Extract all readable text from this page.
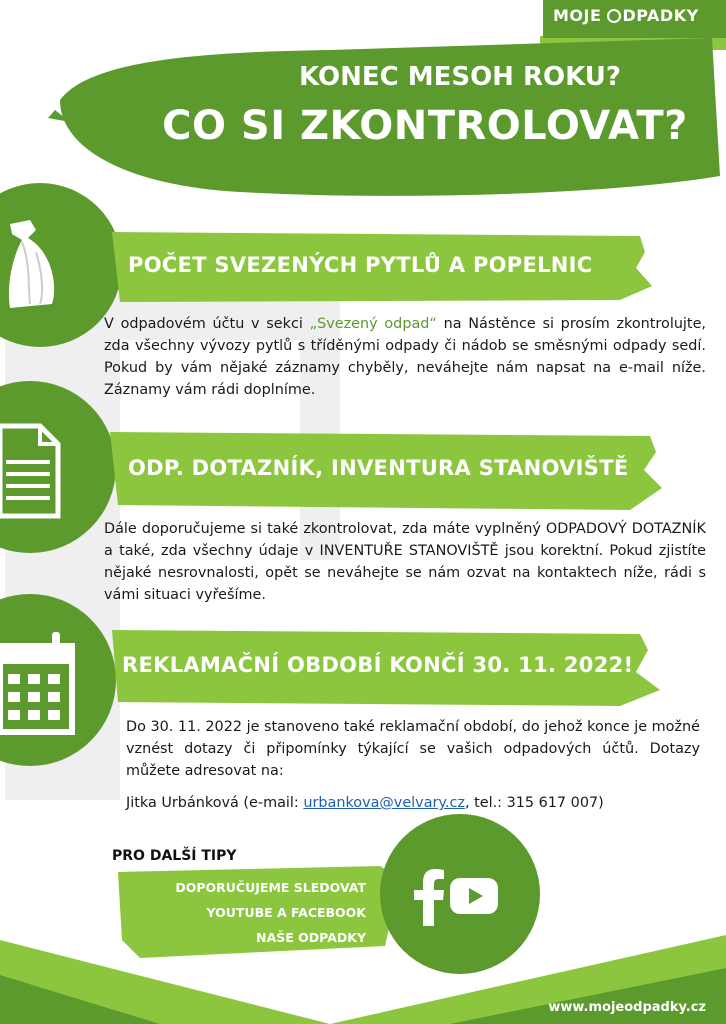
MOJE DPADKY
KONEC MESOH ROKU?
CO SI ZKONTROLOVAT?
POČET SVEZENÝCH PYTLŮ A POPELNIC
V odpadovém účtu v sekci „Svezený odpad“ na Nástěnce si prosím zkontrolujte, zda všechny vývozy pytlů s tříděnými odpady či nádob se směsnými odpady sedí. Pokud by vám nějaké záznamy chyběly, neváhejte nám napsat na e-mail níže. Záznamy vám rádi doplníme.
ODP. DOTAZNÍK, INVENTURA STANOVIŠTĚ
Dále doporučujeme si také zkontrolovat, zda máte vyplněný ODPADOVÝ DOTAZNÍK a také, zda všechny údaje v INVENTUŘE STANOVIŠTĚ jsou korektní. Pokud zjistíte nějaké nesrovnalosti, opět se neváhejte se nám ozvat na kontaktech níže, rádi s vámi situaci vyřešíme.
REKLAMAČNÍ OBDOBÍ KONČÍ 30. 11. 2022!
Do 30. 11. 2022 je stanoveno také reklamační období, do jehož konce je možné vznést dotazy či připomínky týkající se vašich odpadových účtů. Dotazy můžete adresovat na:
Jitka Urbánková (e-mail: urbankova@velvary.cz, tel.: 315 617 007)
PRO DALŠÍ TIPY
DOPORUČUJEME SLEDOVAT
YOUTUBE A FACEBOOK
NAŠE ODPADKY
www.mojeodpadky.cz
